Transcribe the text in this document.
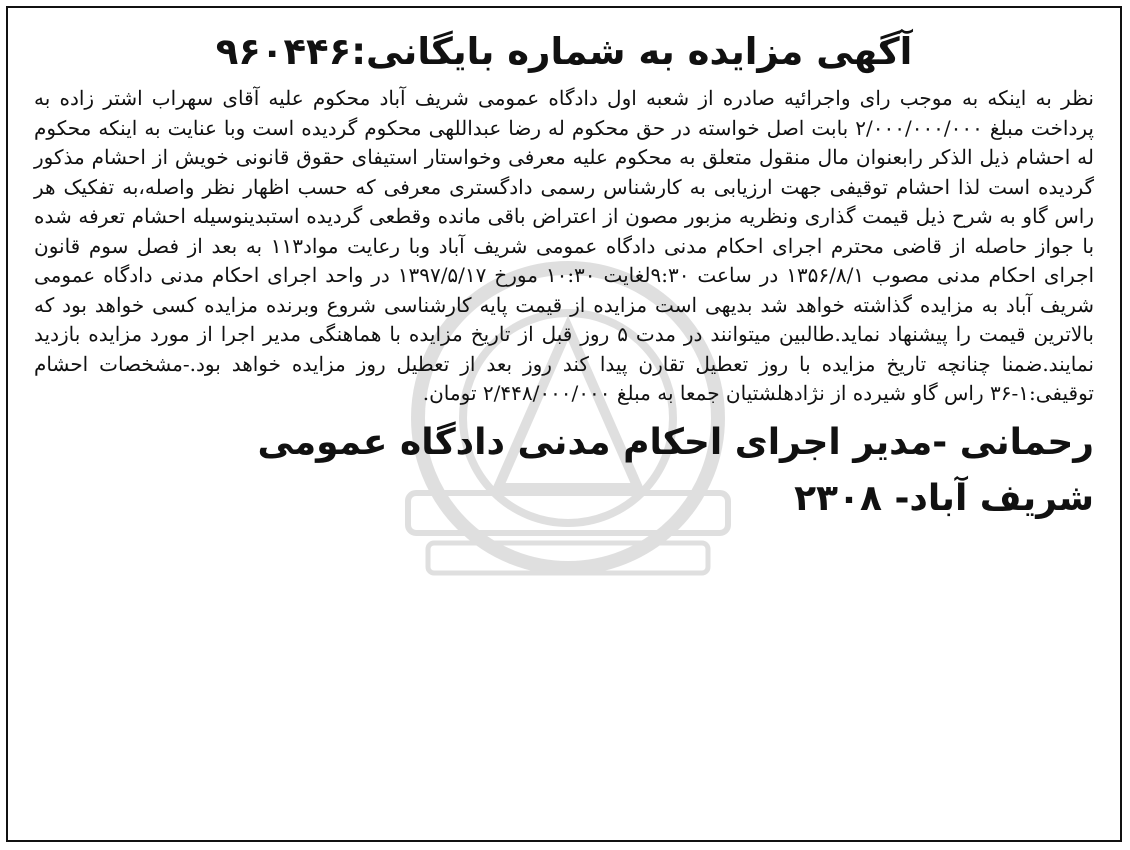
آگهی مزایده به شماره بایگانی:۹۶۰۴۴۶

نظر به اینکه به موجب رای واجرائیه صادره از شعبه اول دادگاه عمومی شریف آباد محکوم علیه آقای سهراب اشتر زاده به پرداخت مبلغ ۲/۰۰۰/۰۰۰/۰۰۰ بابت اصل خواسته در حق محکوم له رضا عبداللهی محکوم گردیده است وبا عنایت به اینکه محکوم له احشام ذیل الذکر رابعنوان مال منقول متعلق به محکوم علیه معرفی وخواستار استیفای حقوق قانونی خویش از احشام مذکور گردیده است لذا احشام توقیفی جهت ارزیابی به کارشناس رسمی دادگستری معرفی که حسب اظهار نظر واصله،به تفکیک هر راس گاو به شرح ذیل قیمت گذاری ونظریه مزبور مصون از اعتراض باقی مانده وقطعی گردیده استبدینوسیله احشام تعرفه شده با جواز حاصله از قاضی محترم اجرای احکام مدنی دادگاه عمومی شریف آباد وبا رعایت مواد۱۱۳ به بعد از فصل سوم قانون اجرای احکام مدنی مصوب ۱۳۵۶/۸/۱ در ساعت ۹:۳۰لغایت ۱۰:۳۰ مورخ ۱۳۹۷/۵/۱۷ در واحد اجرای احکام مدنی دادگاه عمومی شریف آباد به مزایده گذاشته خواهد شد بدیهی است مزایده از قیمت پایه کارشناسی شروع وبرنده مزایده کسی خواهد بود که بالاترین قیمت را پیشنهاد نماید.طالبین میتوانند در مدت ۵ روز قبل از تاریخ مزایده با هماهنگی مدیر اجرا از مورد مزایده بازدید نمایند.ضمنا چنانچه تاریخ مزایده با روز تعطیل تقارن پیدا کند روز بعد از تعطیل روز مزایده خواهد بود.-مشخصات احشام توقیفی:۱-۳۶ راس گاو شیرده از نژادهلشتیان جمعا به مبلغ ۲/۴۴۸/۰۰۰/۰۰۰ تومان.

رحمانی -مدیر اجرای احکام مدنی دادگاه عمومی
شریف آباد- ۲۳۰۸
